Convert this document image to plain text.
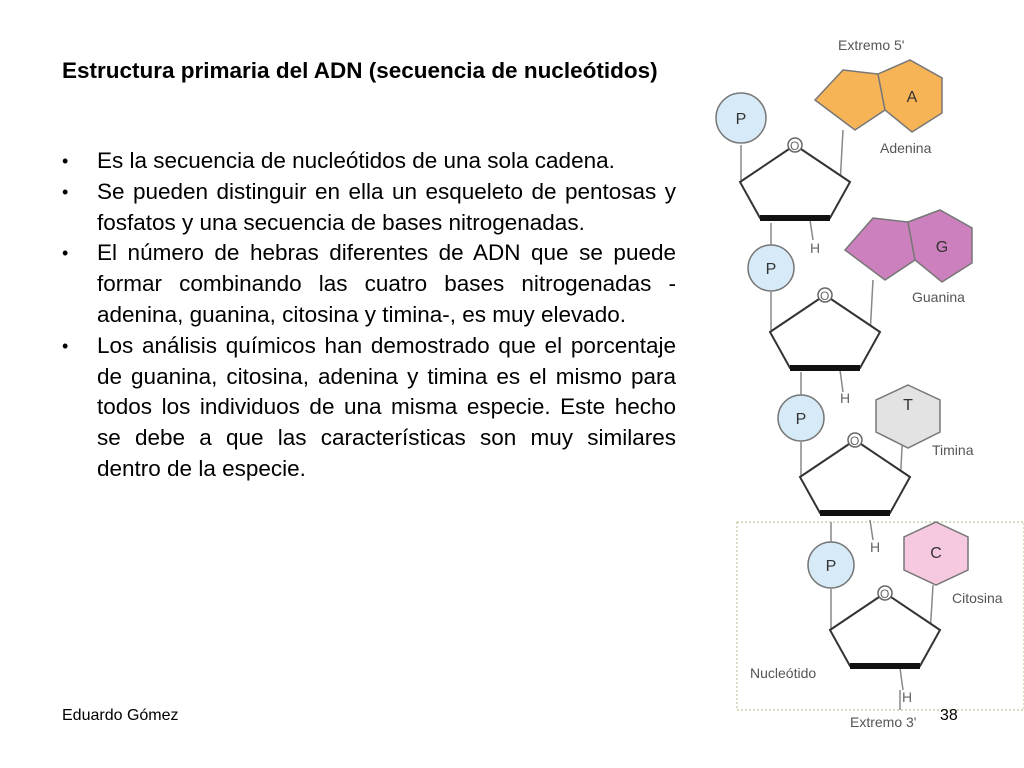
Estructura primaria del ADN (secuencia de nucleótidos)
• Es la secuencia de nucleótidos de una sola cadena.
• Se pueden distinguir en ella un esqueleto de pentosas y fosfatos y una secuencia de bases nitrogenadas.
• El número de hebras diferentes de ADN que se puede formar combinando las cuatro bases nitrogenadas -adenina, guanina, citosina y timina-, es muy elevado.
• Los análisis químicos han demostrado que el porcentaje de guanina, citosina, adenina y timina es el mismo para todos los individuos de una misma especie. Este hecho se debe a que las características son muy similares dentro de la especie.
Extremo 5'
Nucleótido
O
H
O
H
O
H
O
H
P
P
P
P
A
Adenina
G
Guanina
T
Timina
C
Citosina
Extremo 3'
Eduardo Gómez	38
